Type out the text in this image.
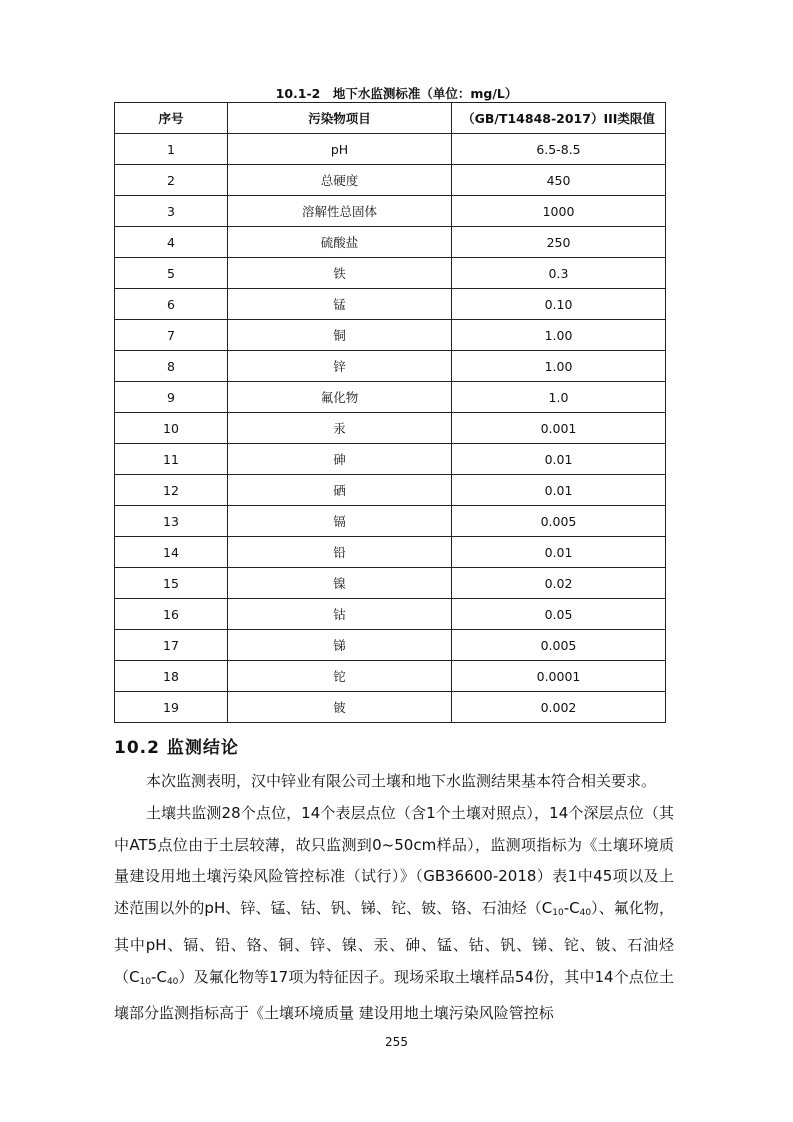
10.1-2　地下水监测标准（单位：mg/L）
序号	污染物项目	（GB/T14848-2017）III类限值
1	pH	6.5-8.5
2	总硬度	450
3	溶解性总固体	1000
4	硫酸盐	250
5	铁	0.3
6	锰	0.10
7	铜	1.00
8	锌	1.00
9	氟化物	1.0
10	汞	0.001
11	砷	0.01
12	硒	0.01
13	镉	0.005
14	铅	0.01
15	镍	0.02
16	钴	0.05
17	锑	0.005
18	铊	0.0001
19	铍	0.002
10.2 监测结论

本次监测表明，汉中锌业有限公司土壤和地下水监测结果基本符合相关要求。

土壤共监测28个点位，14个表层点位（含1个土壤对照点），14个深层点位（其中AT5点位由于土层较薄，故只监测到0~50cm样品），监测项指标为《土壤环境质量建设用地土壤污染风险管控标准（试行）》（GB36600-2018）表1中45项以及上述范围以外的pH、锌、锰、钴、钒、锑、铊、铍、铬、石油烃$(C_{10}-C_{40})$、氟化物，其中pH、镉、铅、铬、铜、锌、镍、汞、砷、锰、钴、钒、锑、铊、铍、石油烃$(C_{10}-C_{40})$及氟化物等17项为特征因子。现场采取土壤样品54份，其中14个点位土壤部分监测指标高于《土壤环境质量 建设用地土壤污染风险管控标

255
